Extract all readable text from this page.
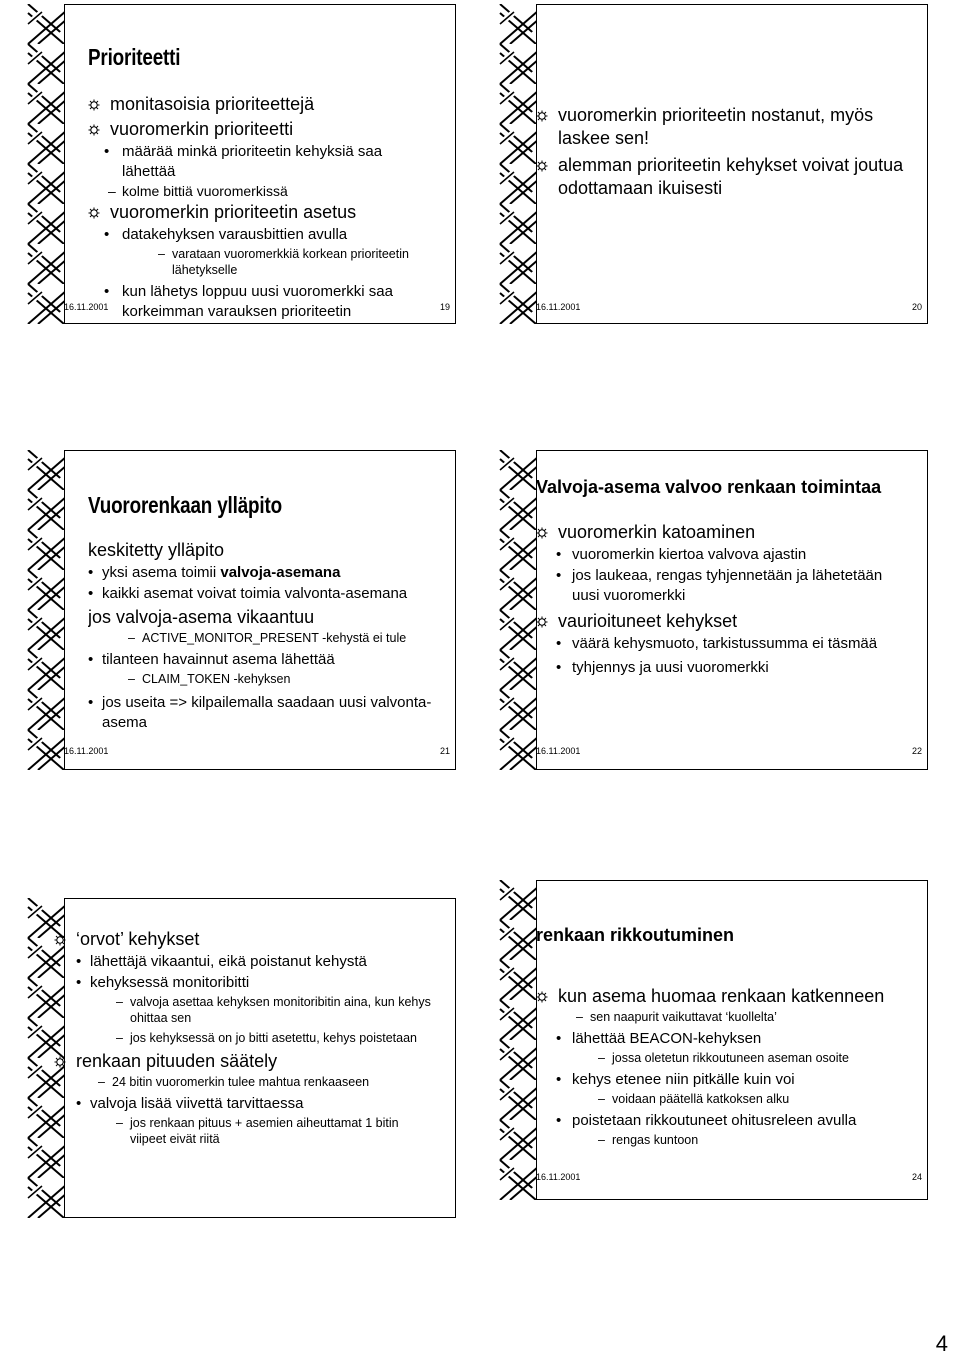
Prioriteetti
monitasoisia prioriteettejä
vuoromerkin prioriteetti
• määrää minkä prioriteetin kehyksiä saa lähettää
– kolme bittiä vuoromerkissä
vuoromerkin prioriteetin asetus
• datakehyksen varausbittien avulla
– varataan vuoromerkkiä korkean prioriteetin lähetykselle
• kun lähetys loppuu uusi vuoromerkki saa korkeimman varauksen prioriteetin
16.11.2001	19
vuoromerkin prioriteetin nostanut, myös laskee sen!
alemman prioriteetin kehykset voivat joutua odottamaan ikuisesti
16.11.2001	20
Vuororenkaan ylläpito
keskitetty ylläpito
• yksi asema toimii valvoja-asemana
• kaikki asemat voivat toimia valvonta-asemana
jos valvoja-asema vikaantuu
– ACTIVE_MONITOR_PRESENT -kehystä ei tule
• tilanteen havainnut asema lähettää
– CLAIM_TOKEN -kehyksen
• jos useita => kilpailemalla saadaan uusi valvonta-asema
16.11.2001	21
Valvoja-asema valvoo renkaan toimintaa
vuoromerkin katoaminen
• vuoromerkin kiertoa valvova ajastin
• jos laukeaa, rengas tyhjennetään ja lähetetään uusi vuoromerkki
vaurioituneet kehykset
• väärä kehysmuoto, tarkistussumma ei täsmää
• tyhjennys ja uusi vuoromerkki
16.11.2001	22
‘orvot’ kehykset
• lähettäjä vikaantui, eikä poistanut kehystä
• kehyksessä monitoribitti
– valvoja asettaa kehyksen monitoribitin aina, kun kehys ohittaa sen
– jos kehyksessä on jo bitti asetettu, kehys poistetaan
renkaan pituuden säätely
– 24 bitin vuoromerkin tulee mahtua renkaaseen
• valvoja lisää viivettä tarvittaessa
– jos renkaan pituus + asemien aiheuttamat 1 bitin viipeet eivät riitä
renkaan rikkoutuminen
kun asema huomaa renkaan katkenneen
– sen naapurit vaikuttavat ‘kuollelta’
• lähettää BEACON-kehyksen
– jossa oletetun rikkoutuneen aseman osoite
• kehys etenee niin pitkälle kuin voi
– voidaan päätellä katkoksen alku
• poistetaan rikkoutuneet ohitusreleen avulla
– rengas kuntoon
16.11.2001	24
4
